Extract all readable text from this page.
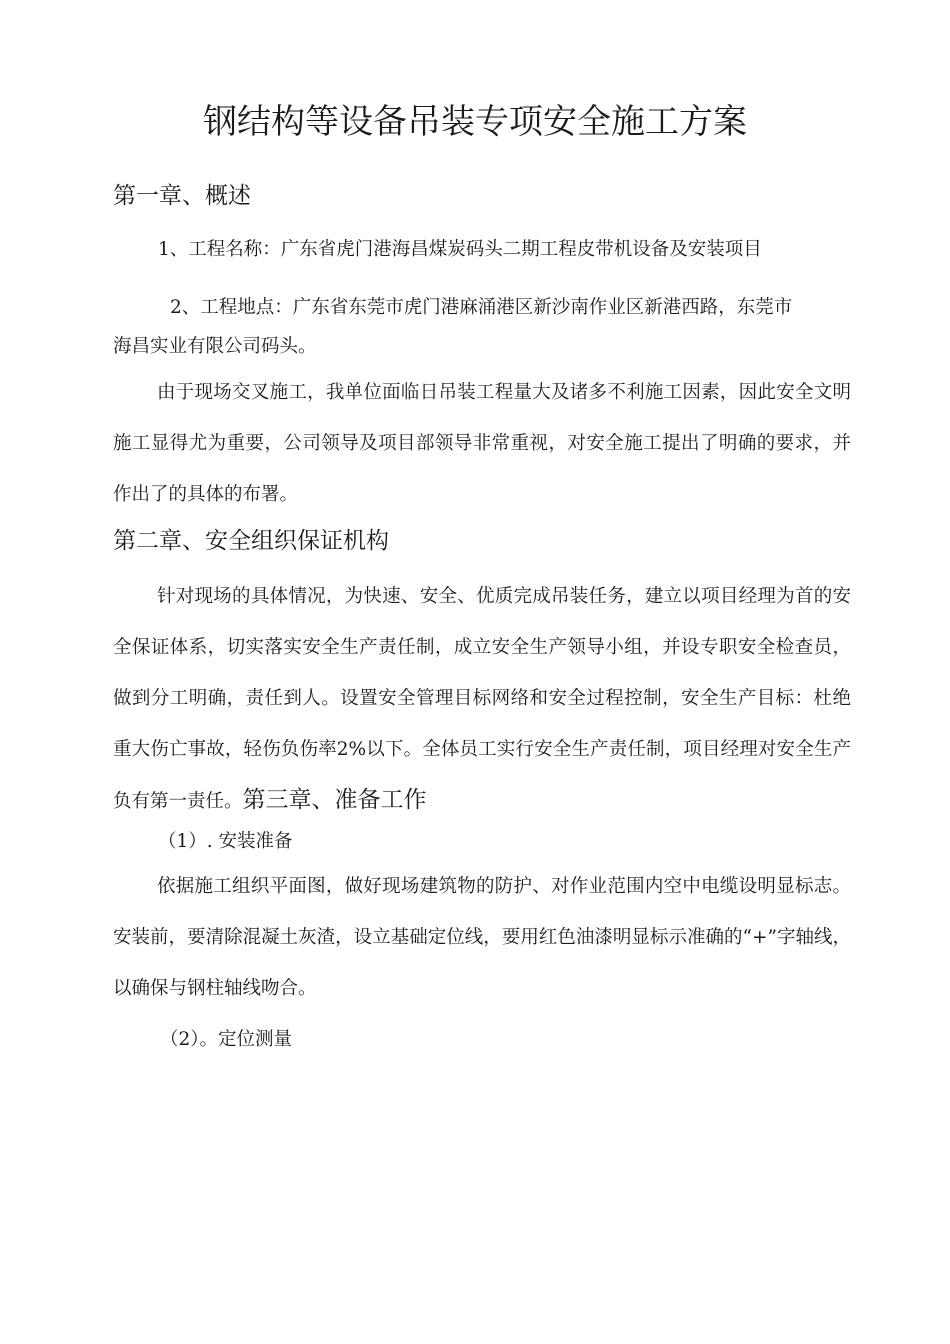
钢结构等设备吊装专项安全施工方案
第一章、概述

1、工程名称：广东省虎门港海昌煤炭码头二期工程皮带机设备及安装项目

2、工程地点：广东省东莞市虎门港麻涌港区新沙南作业区新港西路，东莞市

海昌实业有限公司码头。

由于现场交叉施工，我单位面临日吊装工程量大及诸多不利施工因素，因此安全文明施工显得尤为重要，公司领导及项目部领导非常重视，对安全施工提出了明确的要求，并作出了的具体的布署。

第二章、安全组织保证机构

针对现场的具体情况，为快速、安全、优质完成吊装任务，建立以项目经理为首的安全保证体系，切实落实安全生产责任制，成立安全生产领导小组，并设专职安全检查员，做到分工明确，责任到人。设置安全管理目标网络和安全过程控制，安全生产目标：杜绝重大伤亡事故，轻伤负伤率2%以下。全体员工实行安全生产责任制，项目经理对安全生产负有第一责任。第三章、准备工作

（1）. 安装准备

依据施工组织平面图，做好现场建筑物的防护、对作业范围内空中电缆设明显标志。安装前，要清除混凝土灰渣，设立基础定位线，要用红色油漆明显标示准确的“+”字轴线，以确保与钢柱轴线吻合。

（2）。定位测量
